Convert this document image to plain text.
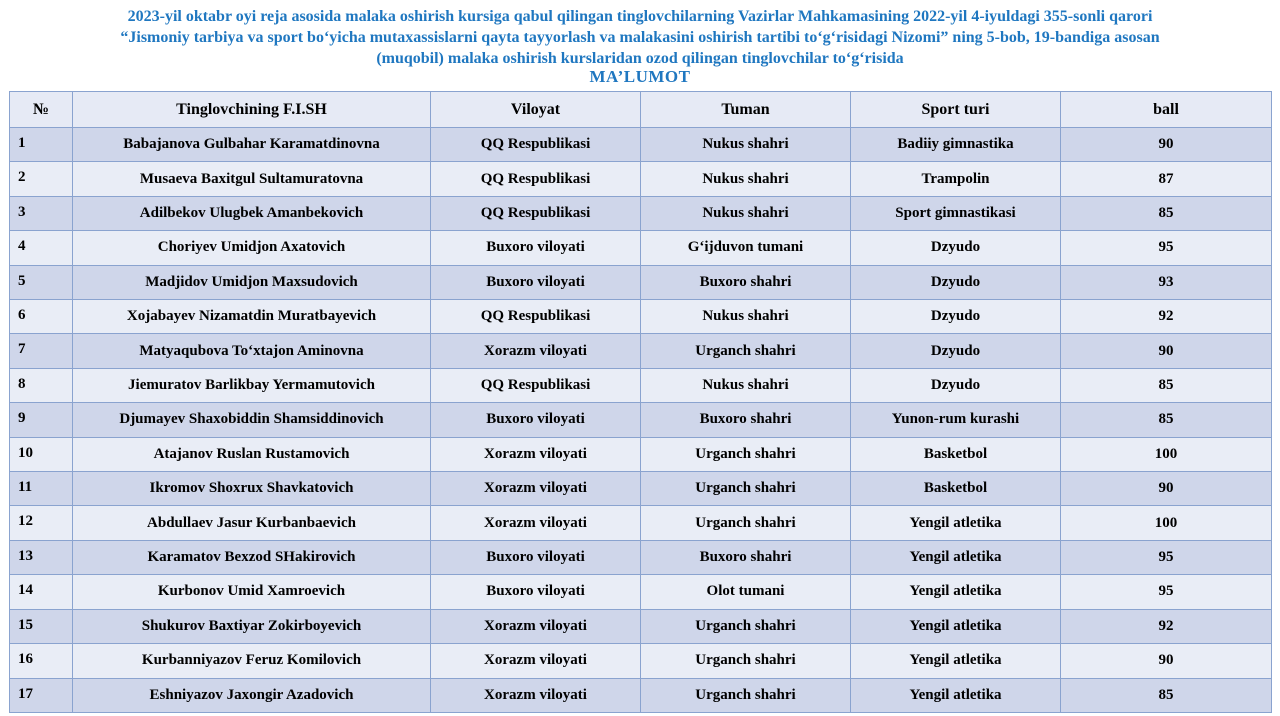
2023-yil oktabr oyi reja asosida malaka oshirish kursiga qabul qilingan tinglovchilarning Vazirlar Mahkamasining 2022-yil 4-iyuldagi 355-sonli qarori
“Jismoniy tarbiya va sport bo‘yicha mutaxassislarni qayta tayyorlash va malakasini oshirish tartibi to‘g‘risidagi Nizomi” ning 5-bob, 19-bandiga asosan
(muqobil) malaka oshirish kurslaridan ozod qilingan tinglovchilar to‘g‘risida
MA’LUMOT
№	Tinglovchining F.I.SH	Viloyat	Tuman	Sport turi	ball
1	Babajanova Gulbahar Karamatdinovna	QQ Respublikasi	Nukus shahri	Badiiy gimnastika	90
2	Musaeva Baxitgul Sultamuratovna	QQ Respublikasi	Nukus shahri	Trampolin	87
3	Adilbekov Ulugbek Amanbekovich	QQ Respublikasi	Nukus shahri	Sport gimnastikasi	85
4	Choriyev Umidjon Axatovich	Buxoro viloyati	G‘ijduvon tumani	Dzyudo	95
5	Madjidov Umidjon Maxsudovich	Buxoro viloyati	Buxoro shahri	Dzyudo	93
6	Xojabayev Nizamatdin Muratbayevich	QQ Respublikasi	Nukus shahri	Dzyudo	92
7	Matyaqubova To‘xtajon Aminovna	Xorazm viloyati	Urganch shahri	Dzyudo	90
8	Jiemuratov Barlikbay Yermamutovich	QQ Respublikasi	Nukus shahri	Dzyudo	85
9	Djumayev Shaxobiddin Shamsiddinovich	Buxoro viloyati	Buxoro shahri	Yunon-rum kurashi	85
10	Atajanov Ruslan Rustamovich	Xorazm viloyati	Urganch shahri	Basketbol	100
11	Ikromov Shoxrux Shavkatovich	Xorazm viloyati	Urganch shahri	Basketbol	90
12	Abdullaev Jasur Kurbanbaevich	Xorazm viloyati	Urganch shahri	Yengil atletika	100
13	Karamatov Bexzod SHakirovich	Buxoro viloyati	Buxoro shahri	Yengil atletika	95
14	Kurbonov Umid Xamroevich	Buxoro viloyati	Olot tumani	Yengil atletika	95
15	Shukurov Baxtiyar Zokirboyevich	Xorazm viloyati	Urganch shahri	Yengil atletika	92
16	Kurbanniyazov Feruz Komilovich	Xorazm viloyati	Urganch shahri	Yengil atletika	90
17	Eshniyazov Jaxongir Azadovich	Xorazm viloyati	Urganch shahri	Yengil atletika	85
